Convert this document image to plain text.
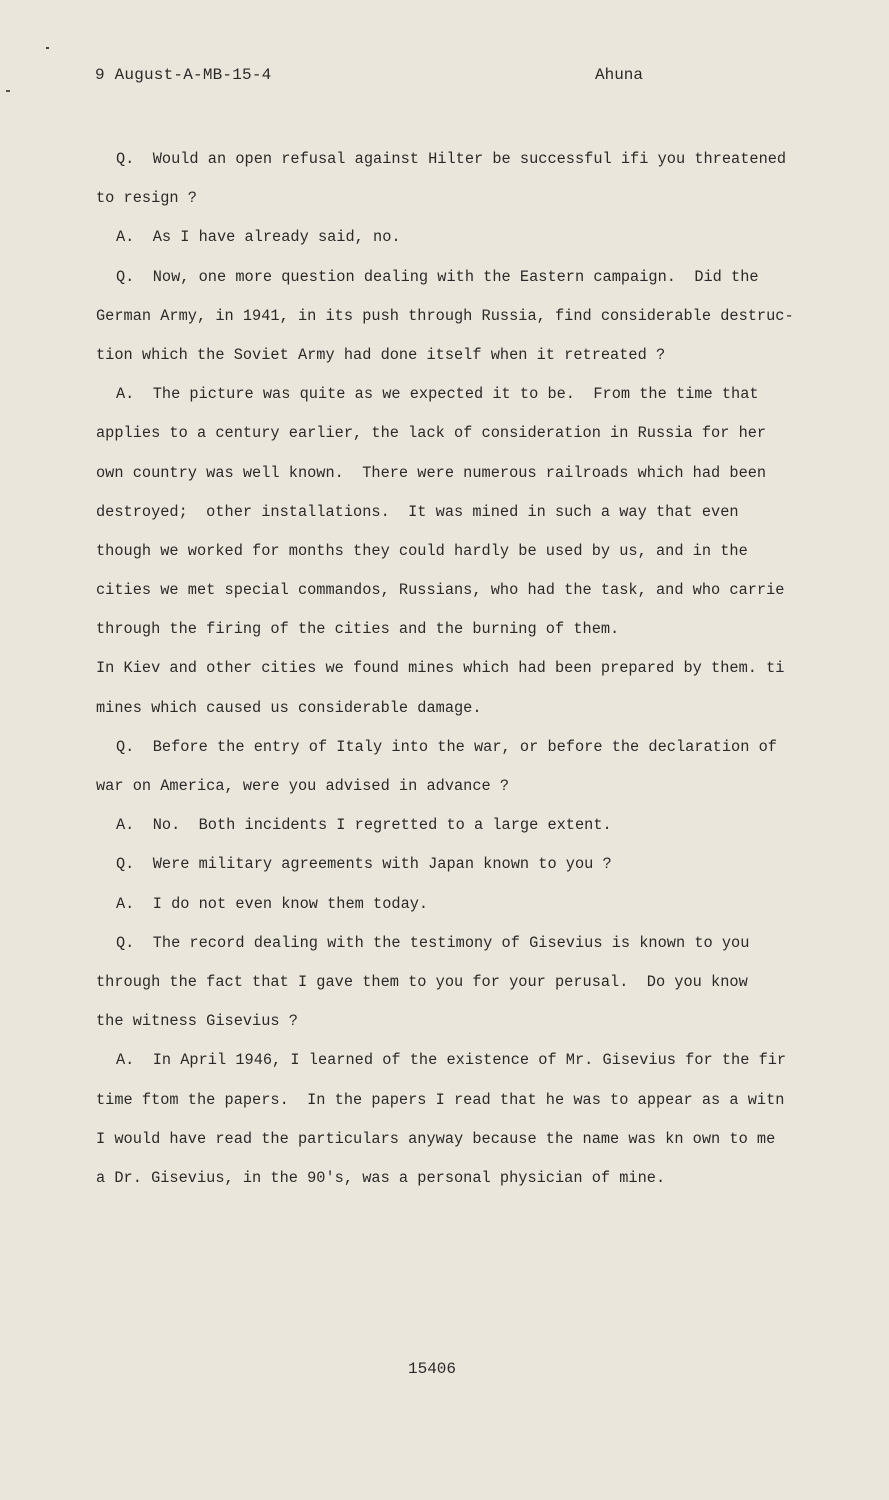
9 August-A-MB-15-4	Ahuna

Q.  Would an open refusal against Hilter be successful ifi you threatened

to resign ?

A.  As I have already said, no.

Q.  Now, one more question dealing with the Eastern campaign.  Did the

German Army, in 1941, in its push through Russia, find considerable destruc-

tion which the Soviet Army had done itself when it retreated ?

A.  The picture was quite as we expected it to be.  From the time that

applies to a century earlier, the lack of consideration in Russia for her

own country was well known.  There were numerous railroads which had been

destroyed;  other installations.  It was mined in such a way that even

though we worked for months they could hardly be used by us, and in the

cities we met special commandos, Russians, who had the task, and who carrie

through the firing of the cities and the burning of them.

In Kiev and other cities we found mines which had been prepared by them. ti

mines which caused us considerable damage.

Q.  Before the entry of Italy into the war, or before the declaration of

war on America, were you advised in advance ?

A.  No.  Both incidents I regretted to a large extent.

Q.  Were military agreements with Japan known to you ?

A.  I do not even know them today.

Q.  The record dealing with the testimony of Gisevius is known to you

through the fact that I gave them to you for your perusal.  Do you know

the witness Gisevius ?

A.  In April 1946, I learned of the existence of Mr. Gisevius for the fir

time ftom the papers.  In the papers I read that he was to appear as a witn

I would have read the particulars anyway because the name was kn own to me

a Dr. Gisevius, in the 90's, was a personal physician of mine.

15406
